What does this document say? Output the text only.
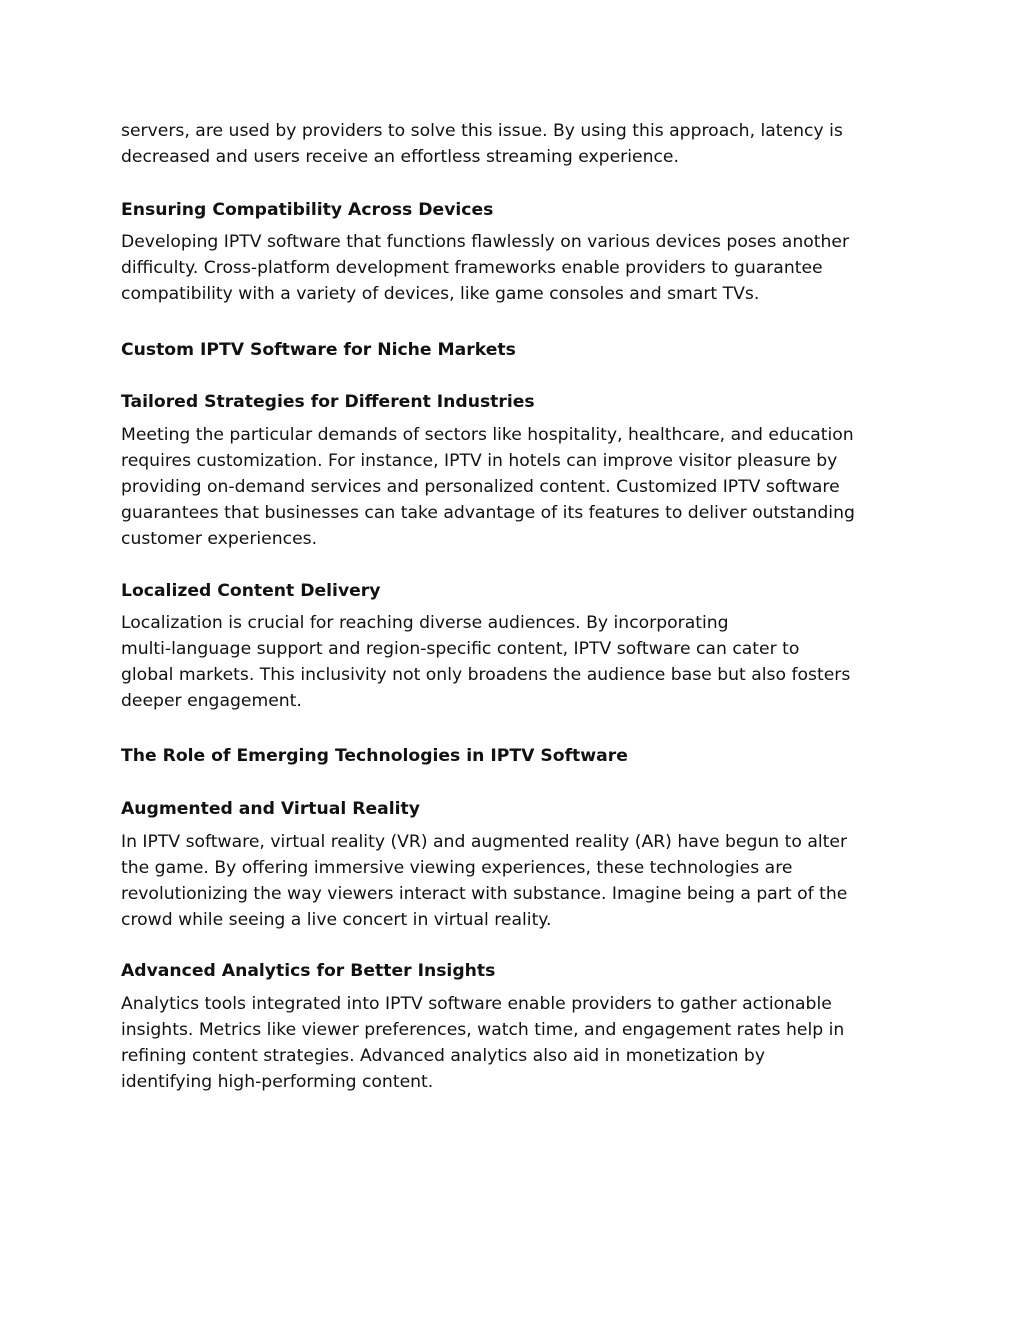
servers, are used by providers to solve this issue. By using this approach, latency is
decreased and users receive an effortless streaming experience.

Ensuring Compatibility Across Devices

Developing IPTV software that functions flawlessly on various devices poses another
difficulty. Cross-platform development frameworks enable providers to guarantee
compatibility with a variety of devices, like game consoles and smart TVs.

Custom IPTV Software for Niche Markets
Tailored Strategies for Different Industries

Meeting the particular demands of sectors like hospitality, healthcare, and education
requires customization. For instance, IPTV in hotels can improve visitor pleasure by
providing on-demand services and personalized content. Customized IPTV software
guarantees that businesses can take advantage of its features to deliver outstanding
customer experiences.

Localized Content Delivery

Localization is crucial for reaching diverse audiences. By incorporating
multi-language support and region-specific content, IPTV software can cater to
global markets. This inclusivity not only broadens the audience base but also fosters
deeper engagement.

The Role of Emerging Technologies in IPTV Software
Augmented and Virtual Reality

In IPTV software, virtual reality (VR) and augmented reality (AR) have begun to alter
the game. By offering immersive viewing experiences, these technologies are
revolutionizing the way viewers interact with substance. Imagine being a part of the
crowd while seeing a live concert in virtual reality.

Advanced Analytics for Better Insights

Analytics tools integrated into IPTV software enable providers to gather actionable
insights. Metrics like viewer preferences, watch time, and engagement rates help in
refining content strategies. Advanced analytics also aid in monetization by
identifying high-performing content.
